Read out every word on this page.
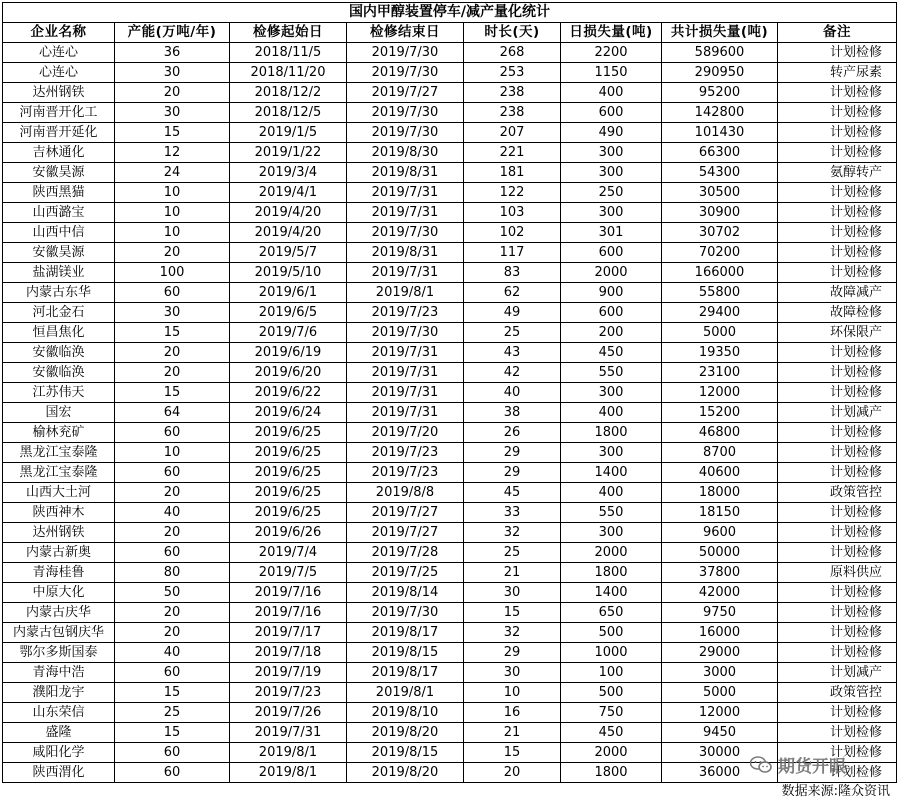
国内甲醇装置停车/减产量化统计							
企业名称	产能(万吨/年)	检修起始日	检修结束日	时长(天)	日损失量(吨)	共计损失量(吨)	备注
心连心	36	2018/11/5	2019/7/30	268	2200	589600	计划检修
心连心	30	2018/11/20	2019/7/30	253	1150	290950	转产尿素
达州钢铁	20	2018/12/2	2019/7/27	238	400	95200	计划检修
河南晋开化工	30	2018/12/5	2019/7/30	238	600	142800	计划检修
河南晋开延化	15	2019/1/5	2019/7/30	207	490	101430	计划检修
吉林通化	12	2019/1/22	2019/8/30	221	300	66300	计划检修
安徽昊源	24	2019/3/4	2019/8/31	181	300	54300	氨醇转产
陕西黑猫	10	2019/4/1	2019/7/31	122	250	30500	计划检修
山西潞宝	10	2019/4/20	2019/7/31	103	300	30900	计划检修
山西中信	10	2019/4/20	2019/7/30	102	301	30702	计划检修
安徽昊源	20	2019/5/7	2019/8/31	117	600	70200	计划检修
盐湖镁业	100	2019/5/10	2019/7/31	83	2000	166000	计划检修
内蒙古东华	60	2019/6/1	2019/8/1	62	900	55800	故障减产
河北金石	30	2019/6/5	2019/7/23	49	600	29400	故障检修
恒昌焦化	15	2019/7/6	2019/7/30	25	200	5000	环保限产
安徽临涣	20	2019/6/19	2019/7/31	43	450	19350	计划检修
安徽临涣	20	2019/6/20	2019/7/31	42	550	23100	计划检修
江苏伟天	15	2019/6/22	2019/7/31	40	300	12000	计划检修
国宏	64	2019/6/24	2019/7/31	38	400	15200	计划减产
榆林兖矿	60	2019/6/25	2019/7/20	26	1800	46800	计划检修
黑龙江宝泰隆	10	2019/6/25	2019/7/23	29	300	8700	计划检修
黑龙江宝泰隆	60	2019/6/25	2019/7/23	29	1400	40600	计划检修
山西大土河	20	2019/6/25	2019/8/8	45	400	18000	政策管控
陕西神木	40	2019/6/25	2019/7/27	33	550	18150	计划检修
达州钢铁	20	2019/6/26	2019/7/27	32	300	9600	计划检修
内蒙古新奥	60	2019/7/4	2019/7/28	25	2000	50000	计划检修
青海桂鲁	80	2019/7/5	2019/7/25	21	1800	37800	原料供应
中原大化	50	2019/7/16	2019/8/14	30	1400	42000	计划检修
内蒙古庆华	20	2019/7/16	2019/7/30	15	650	9750	计划检修
内蒙古包钢庆华	20	2019/7/17	2019/8/17	32	500	16000	计划检修
鄂尔多斯国泰	40	2019/7/18	2019/8/15	29	1000	29000	计划检修
青海中浩	60	2019/7/19	2019/8/17	30	100	3000	计划减产
濮阳龙宇	15	2019/7/23	2019/8/1	10	500	5000	政策管控
山东荣信	25	2019/7/26	2019/8/10	16	750	12000	计划检修
盛隆	15	2019/7/31	2019/8/20	21	450	9450	计划检修
咸阳化学	60	2019/8/1	2019/8/15	15	2000	30000	计划检修
陕西渭化	60	2019/8/1	2019/8/20	20	1800	36000	计划检修
期货开眼
数据来源:隆众资讯
